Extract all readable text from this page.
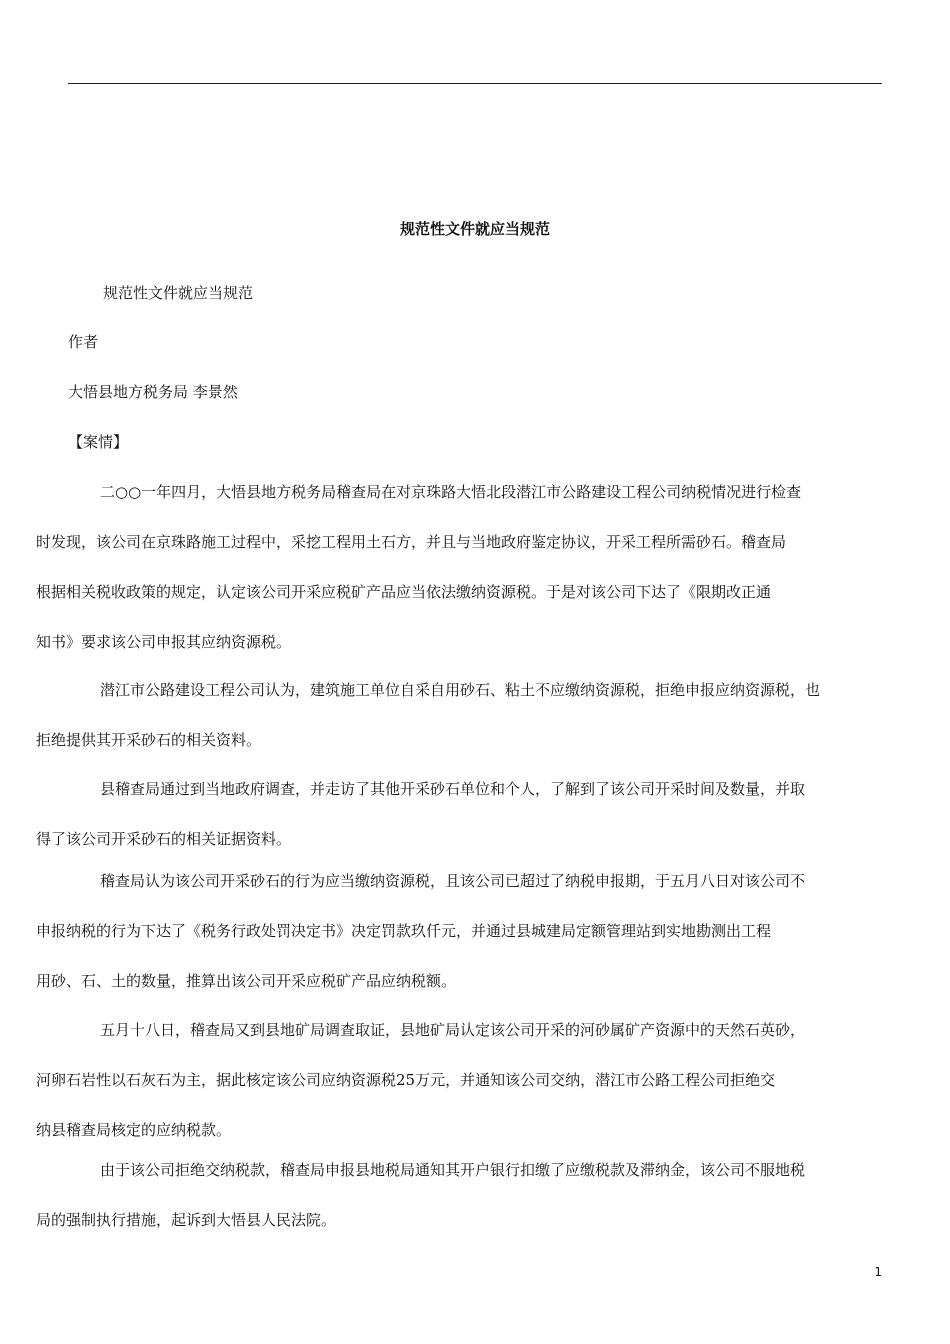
规范性文件就应当规范
规范性文件就应当规范
作者
大悟县地方税务局 李景然
【案情】
二○○一年四月，大悟县地方税务局稽查局在对京珠路大悟北段潜江市公路建设工程公司纳税情况进行检查
时发现，该公司在京珠路施工过程中，采挖工程用土石方，并且与当地政府鉴定协议，开采工程所需砂石。稽查局
根据相关税收政策的规定，认定该公司开采应税矿产品应当依法缴纳资源税。于是对该公司下达了《限期改正通
知书》要求该公司申报其应纳资源税。
潜江市公路建设工程公司认为，建筑施工单位自采自用砂石、粘土不应缴纳资源税，拒绝申报应纳资源税，也
拒绝提供其开采砂石的相关资料。
县稽查局通过到当地政府调查，并走访了其他开采砂石单位和个人，了解到了该公司开采时间及数量，并取
得了该公司开采砂石的相关证据资料。
稽查局认为该公司开采砂石的行为应当缴纳资源税，且该公司已超过了纳税申报期，于五月八日对该公司不
申报纳税的行为下达了《税务行政处罚决定书》决定罚款玖仟元，并通过县城建局定额管理站到实地勘测出工程
用砂、石、土的数量，推算出该公司开采应税矿产品应纳税额。
五月十八日，稽查局又到县地矿局调查取证，县地矿局认定该公司开采的河砂属矿产资源中的天然石英砂，
河卵石岩性以石灰石为主，据此核定该公司应纳资源税25万元，并通知该公司交纳，潜江市公路工程公司拒绝交
纳县稽查局核定的应纳税款。
由于该公司拒绝交纳税款，稽查局申报县地税局通知其开户银行扣缴了应缴税款及滞纳金，该公司不服地税
局的强制执行措施，起诉到大悟县人民法院。
1
